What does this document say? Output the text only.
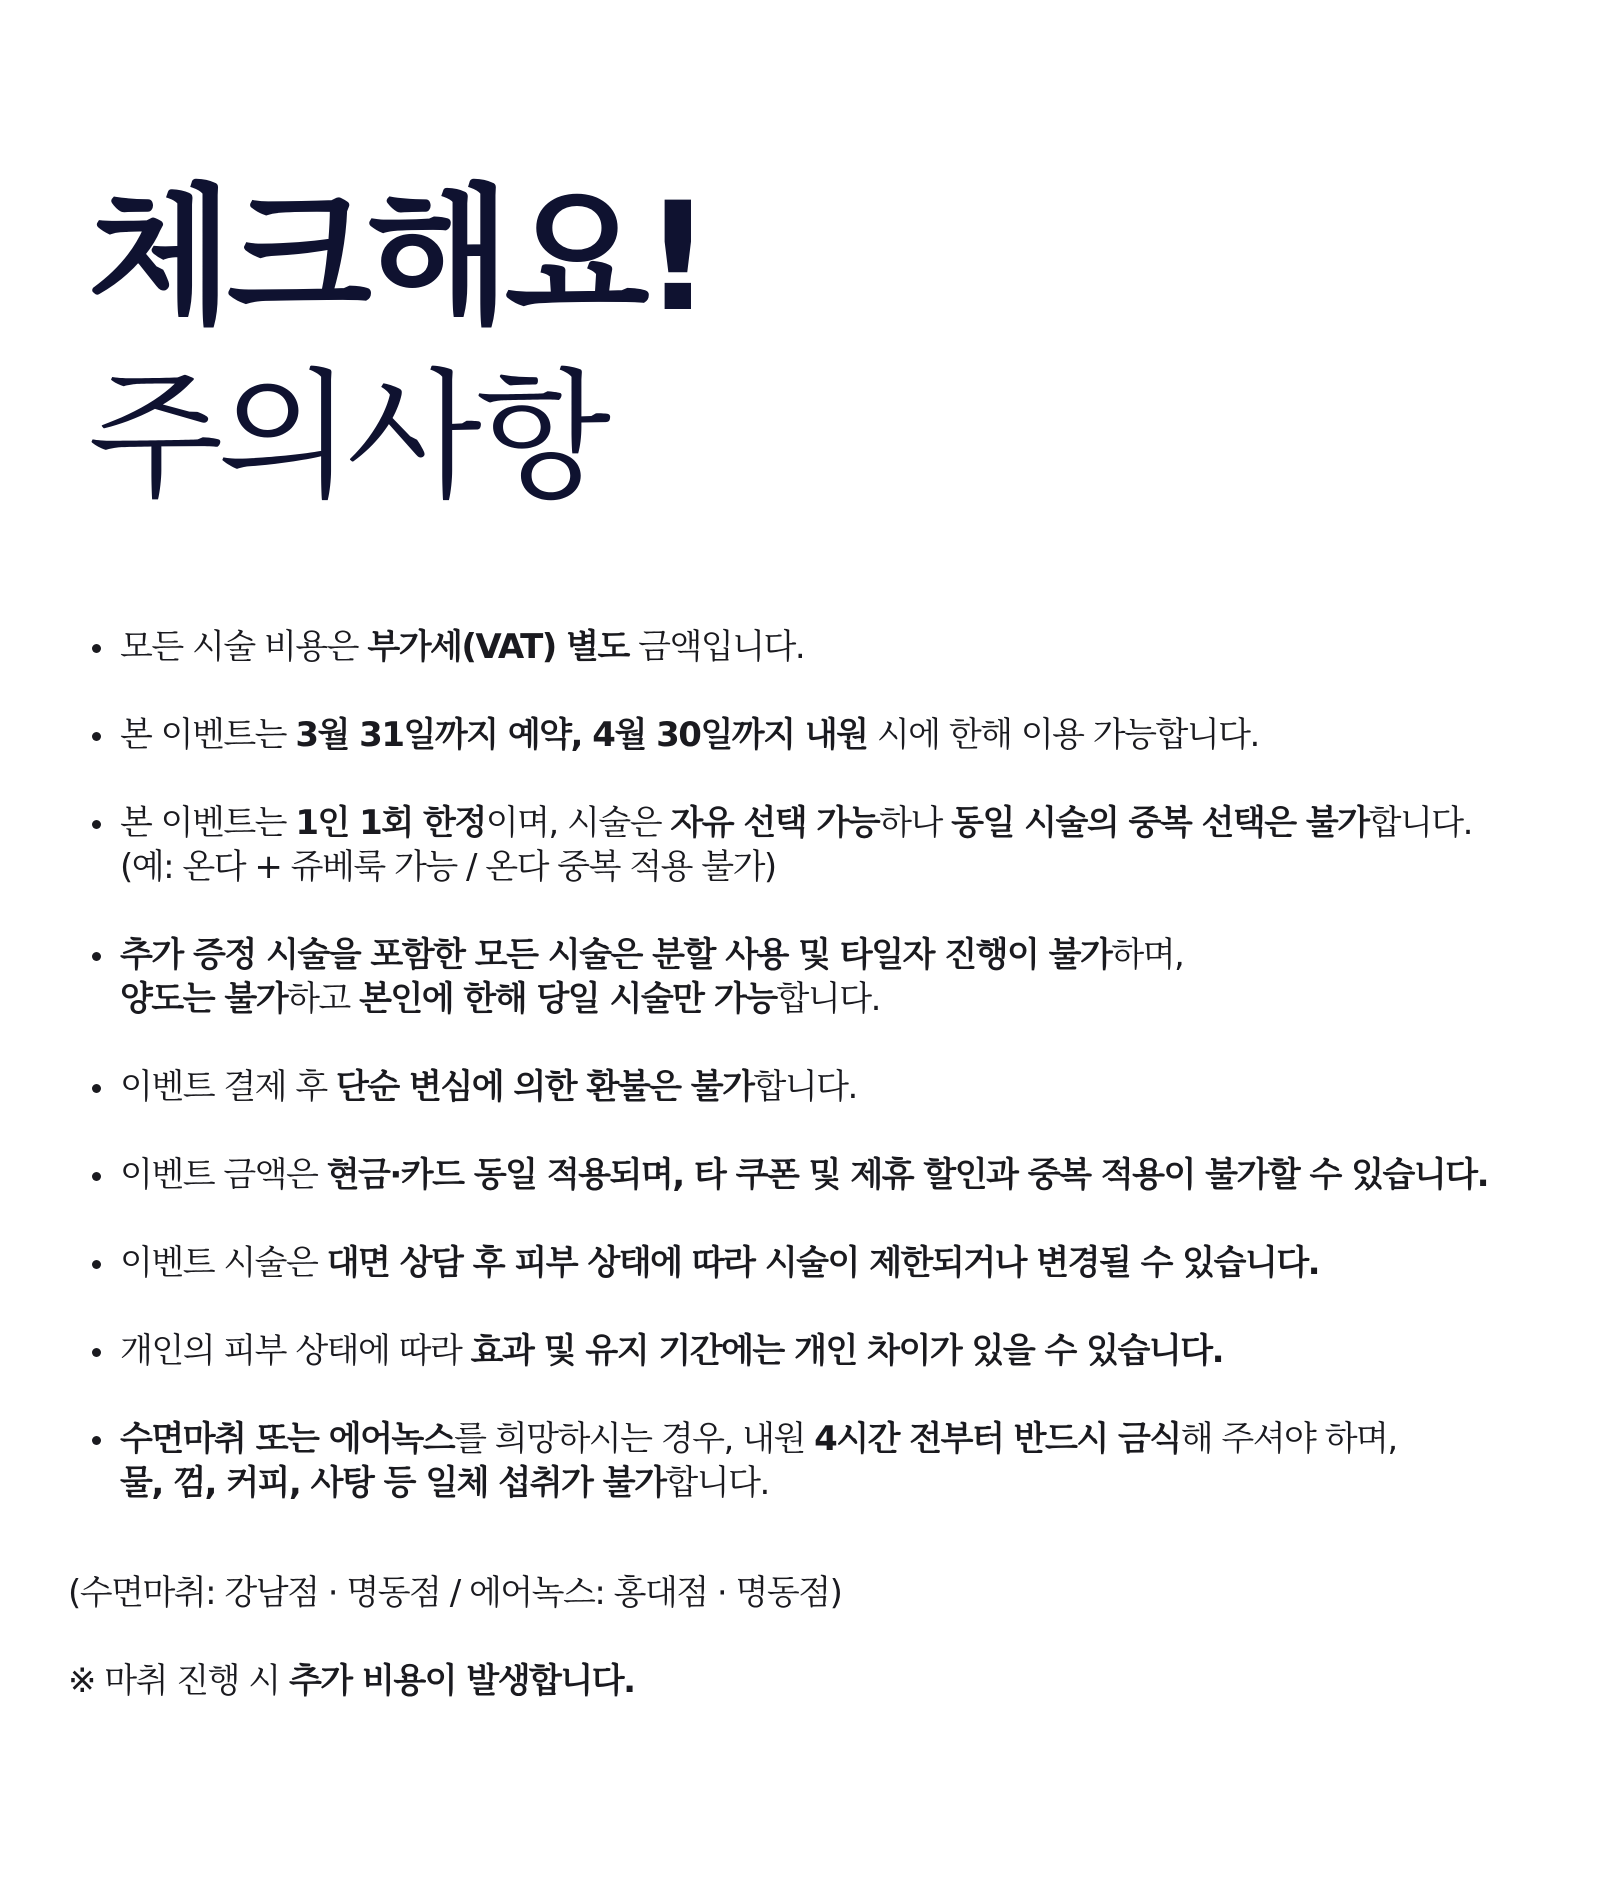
체크해요!
주의사항
모든 시술 비용은 부가세(VAT) 별도 금액입니다.
본 이벤트는 3월 31일까지 예약, 4월 30일까지 내원 시에 한해 이용 가능합니다.
본 이벤트는 1인 1회 한정이며, 시술은 자유 선택 가능하나 동일 시술의 중복 선택은 불가합니다.
(예: 온다 + 쥬베룩 가능 / 온다 중복 적용 불가)
추가 증정 시술을 포함한 모든 시술은 분할 사용 및 타일자 진행이 불가하며,
양도는 불가하고 본인에 한해 당일 시술만 가능합니다.
이벤트 결제 후 단순 변심에 의한 환불은 불가합니다.
이벤트 금액은 현금·카드 동일 적용되며, 타 쿠폰 및 제휴 할인과 중복 적용이 불가할 수 있습니다.
이벤트 시술은 대면 상담 후 피부 상태에 따라 시술이 제한되거나 변경될 수 있습니다.
개인의 피부 상태에 따라 효과 및 유지 기간에는 개인 차이가 있을 수 있습니다.
수면마취 또는 에어녹스를 희망하시는 경우, 내원 4시간 전부터 반드시 금식해 주셔야 하며,
물, 껌, 커피, 사탕 등 일체 섭취가 불가합니다.

(수면마취: 강남점 · 명동점 / 에어녹스: 홍대점 · 명동점)

※ 마취 진행 시 추가 비용이 발생합니다.
